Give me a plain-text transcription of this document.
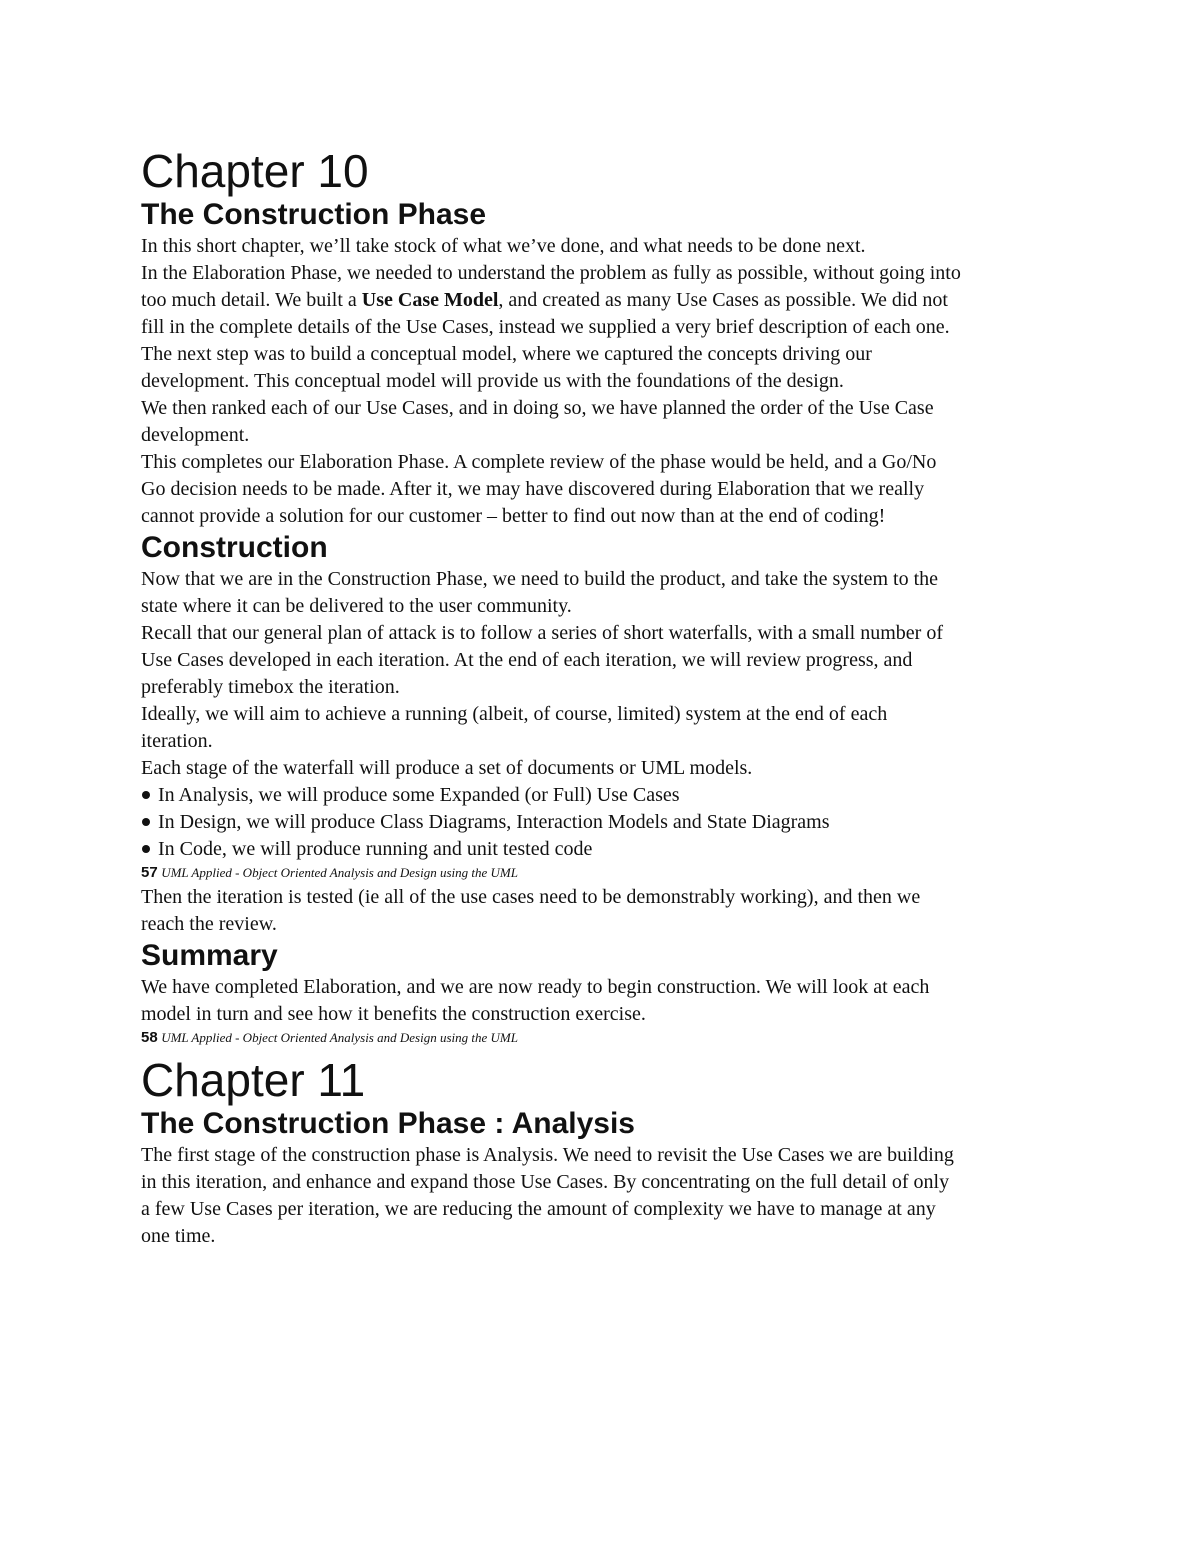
Chapter 10
The Construction Phase

In this short chapter, we’ll take stock of what we’ve done, and what needs to be done next.

In the Elaboration Phase, we needed to understand the problem as fully as possible, without going into too much detail. We built a Use Case Model, and created as many Use Cases as possible. We did not fill in the complete details of the Use Cases, instead we supplied a very brief description of each one.

The next step was to build a conceptual model, where we captured the concepts driving our development. This conceptual model will provide us with the foundations of the design.

We then ranked each of our Use Cases, and in doing so, we have planned the order of the Use Case development.

This completes our Elaboration Phase. A complete review of the phase would be held, and a Go/No Go decision needs to be made. After it, we may have discovered during Elaboration that we really cannot provide a solution for our customer – better to find out now than at the end of coding!

Construction

Now that we are in the Construction Phase, we need to build the product, and take the system to the state where it can be delivered to the user community.

Recall that our general plan of attack is to follow a series of short waterfalls, with a small number of Use Cases developed in each iteration. At the end of each iteration, we will review progress, and preferably timebox the iteration.

Ideally, we will aim to achieve a running (albeit, of course, limited) system at the end of each iteration.

Each stage of the waterfall will produce a set of documents or UML models.

In Analysis, we will produce some Expanded (or Full) Use Cases

In Design, we will produce Class Diagrams, Interaction Models and State Diagrams

In Code, we will produce running and unit tested code

57 UML Applied - Object Oriented Analysis and Design using the UML

Then the iteration is tested (ie all of the use cases need to be demonstrably working), and then we reach the review.

Summary

We have completed Elaboration, and we are now ready to begin construction. We will look at each model in turn and see how it benefits the construction exercise.

58 UML Applied - Object Oriented Analysis and Design using the UML

Chapter 11
The Construction Phase : Analysis

The first stage of the construction phase is Analysis. We need to revisit the Use Cases we are building in this iteration, and enhance and expand those Use Cases. By concentrating on the full detail of only a few Use Cases per iteration, we are reducing the amount of complexity we have to manage at any one time.
